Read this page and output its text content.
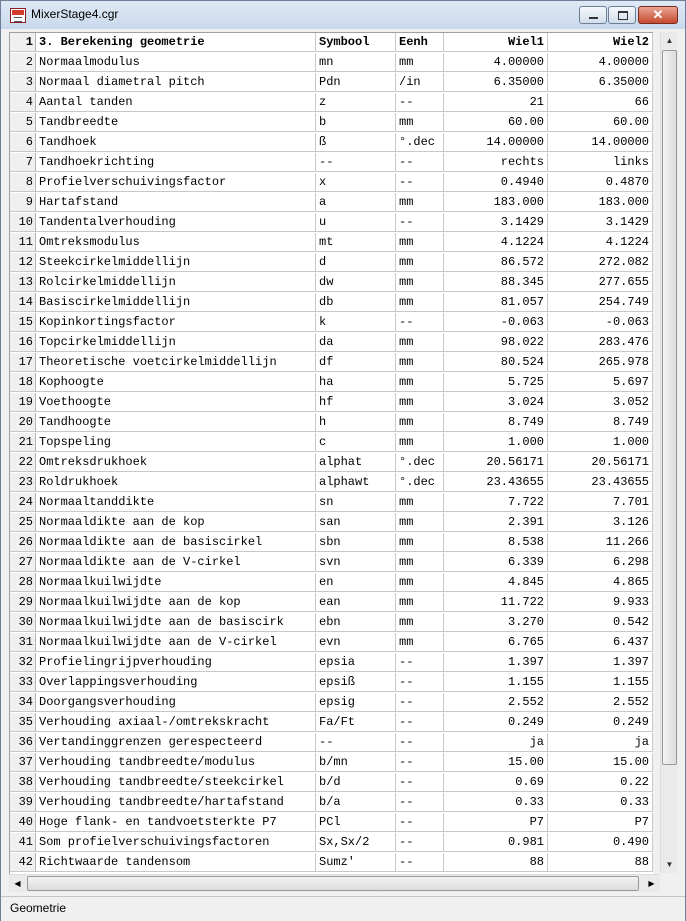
MixerStage4.cgr	✕
1 3. Berekening geometrie	Symbool	Eenh	Wiel1	Wiel2
2 Normaalmodulus	mn	mm	4.00000	4.00000
3 Normaal diametral pitch	Pdn	/in	6.35000	6.35000
4 Aantal tanden	z	--	21	66
5 Tandbreedte	b	mm	60.00	60.00
6 Tandhoek	ß	°.dec	14.00000	14.00000
7 Tandhoekrichting	--	--	rechts	links
8 Profielverschuivingsfactor	x	--	0.4940	0.4870
9 Hartafstand	a	mm	183.000	183.000
10 Tandentalverhouding	u	--	3.1429	3.1429
11 Omtreksmodulus	mt	mm	4.1224	4.1224
12 Steekcirkelmiddellijn	d	mm	86.572	272.082
13 Rolcirkelmiddellijn	dw	mm	88.345	277.655
14 Basiscirkelmiddellijn	db	mm	81.057	254.749
15 Kopinkortingsfactor	k	--	-0.063	-0.063
16 Topcirkelmiddellijn	da	mm	98.022	283.476
17 Theoretische voetcirkelmiddellijn	df	mm	80.524	265.978
18 Kophoogte	ha	mm	5.725	5.697
19 Voethoogte	hf	mm	3.024	3.052
20 Tandhoogte	h	mm	8.749	8.749
21 Topspeling	c	mm	1.000	1.000
22 Omtreksdrukhoek	alphat	°.dec	20.56171	20.56171
23 Roldrukhoek	alphawt	°.dec	23.43655	23.43655
24 Normaaltanddikte	sn	mm	7.722	7.701
25 Normaaldikte aan de kop	san	mm	2.391	3.126
26 Normaaldikte aan de basiscirkel	sbn	mm	8.538	11.266
27 Normaaldikte aan de V-cirkel	svn	mm	6.339	6.298
28 Normaalkuilwijdte	en	mm	4.845	4.865
29 Normaalkuilwijdte aan de kop	ean	mm	11.722	9.933
30 Normaalkuilwijdte aan de basiscirk	ebn	mm	3.270	0.542
31 Normaalkuilwijdte aan de V-cirkel	evn	mm	6.765	6.437
32 Profielingrijpverhouding	epsia	--	1.397	1.397
33 Overlappingsverhouding	epsiß	--	1.155	1.155
34 Doorgangsverhouding	epsig	--	2.552	2.552
35 Verhouding axiaal-/omtrekskracht	Fa/Ft	--	0.249	0.249
36 Vertandinggrenzen gerespecteerd	--	--	ja	ja
37 Verhouding tandbreedte/modulus	b/mn	--	15.00	15.00
38 Verhouding tandbreedte/steekcirkel	b/d	--	0.69	0.22
39 Verhouding tandbreedte/hartafstand	b/a	--	0.33	0.33
40 Hoge flank- en tandvoetsterkte P7	PCl	--	P7	P7
41 Som profielverschuivingsfactoren	Sx,Sx/2	--	0.981	0.490
42 Richtwaarde tandensom	Sumz'	--	88	88
▲
▼
◀	▶
Geometrie
